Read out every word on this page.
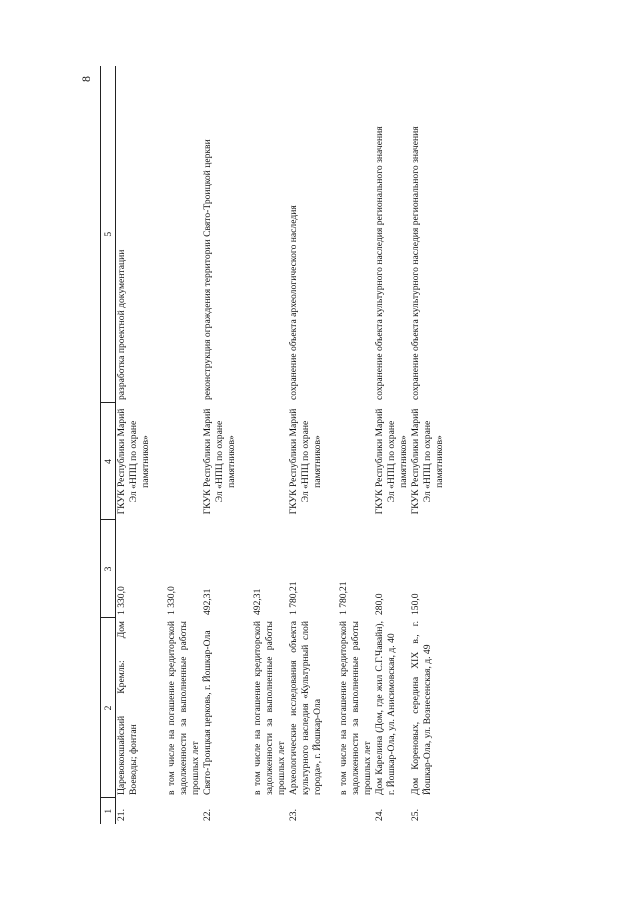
8
1	2	3	4	5
21.	Царевококшайский Кремль: Дом Воеводы; фонтан	1 330,0	ГКУК Республики Марий Эл «НПЦ по охране памятников»	разработка проектной документации
	в том числе на погашение кредиторской задолженности за выполненные работы прошлых лет	1 330,0		
22.	Свято-Троицкая церковь, г. Йошкар-Ола	492,31	ГКУК Республики Марий Эл «НПЦ по охране памятников»	реконструкция ограждения территории Свято-Троицкой церкви
	в том числе на погашение кредиторской задолженности за выполненные работы прошлых лет	492,31		
23.	Археологические исследования объекта культурного наследия «Культурный слой города», г. Йошкар-Ола	1 780,21	ГКУК Республики Марий Эл «НПЦ по охране памятников»	сохранение объекта археологического наследия
	в том числе на погашение кредиторской задолженности за выполненные работы прошлых лет	1 780,21		
24.	Дом Карелина (Дом, где жил С.Г.Чавайн), г. Йошкар-Ола, ул. Анисимовская, д. 40	280,0	ГКУК Республики Марий Эл «НПЦ по охране памятников»	сохранение объекта культурного наследия регионального значения
25.	Дом Кореновых, середина XIX в., г. Йошкар-Ола, ул. Вознесенская, д. 49	150,0	ГКУК Республики Марий Эл «НПЦ по охране памятников»	сохранение объекта культурного наследия регионального значения
